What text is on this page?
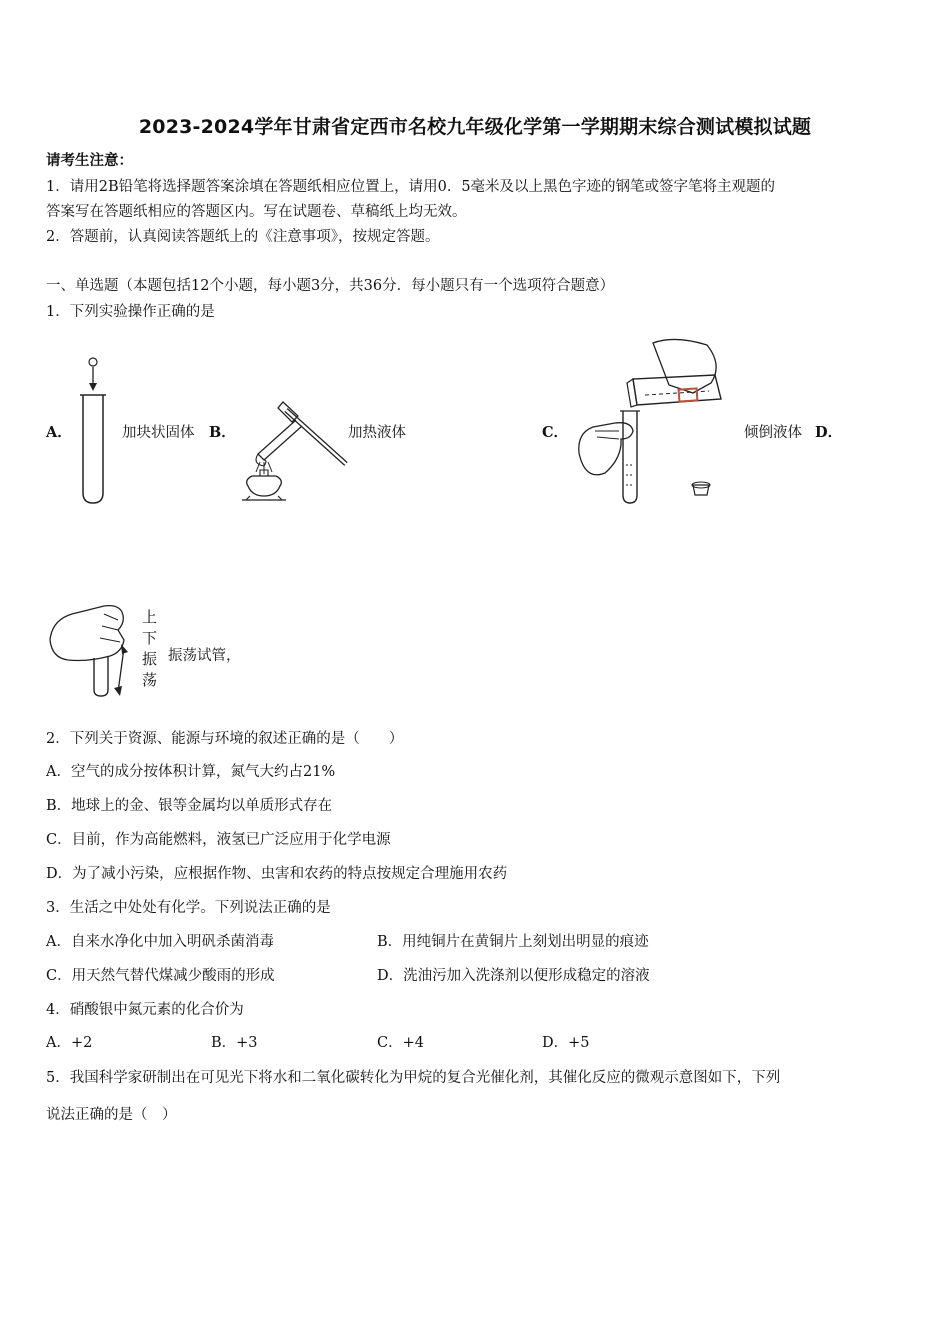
2023-2024学年甘肃省定西市名校九年级化学第一学期期末综合测试模拟试题
请考生注意：
1．请用2B铅笔将选择题答案涂填在答题纸相应位置上，请用0．5毫米及以上黑色字迹的钢笔或签字笔将主观题的
答案写在答题纸相应的答题区内。写在试题卷、草稿纸上均无效。
2．答题前，认真阅读答题纸上的《注意事项》，按规定答题。
一、单选题（本题包括12个小题，每小题3分，共36分．每小题只有一个选项符合题意）
1．下列实验操作正确的是
A．	加块状固体 B．	加热液体	C．	倾倒液体 D．
上
下
振
荡
振荡试管，
2．下列关于资源、能源与环境的叙述正确的是（　　）
A．空气的成分按体积计算，氮气大约占21%
B．地球上的金、银等金属均以单质形式存在
C．目前，作为高能燃料，液氢已广泛应用于化学电源
D．为了减小污染，应根据作物、虫害和农药的特点按规定合理施用农药
3．生活之中处处有化学。下列说法正确的是
A．自来水净化中加入明矾杀菌消毒	B．用纯铜片在黄铜片上刻划出明显的痕迹
C．用天然气替代煤减少酸雨的形成	D．洗油污加入洗涤剂以便形成稳定的溶液
4．硝酸银中氮元素的化合价为
A．+2	B．+3	C．+4	D．+5
5．我国科学家研制出在可见光下将水和二氧化碳转化为甲烷的复合光催化剂，其催化反应的微观示意图如下，下列
说法正确的是（　）
